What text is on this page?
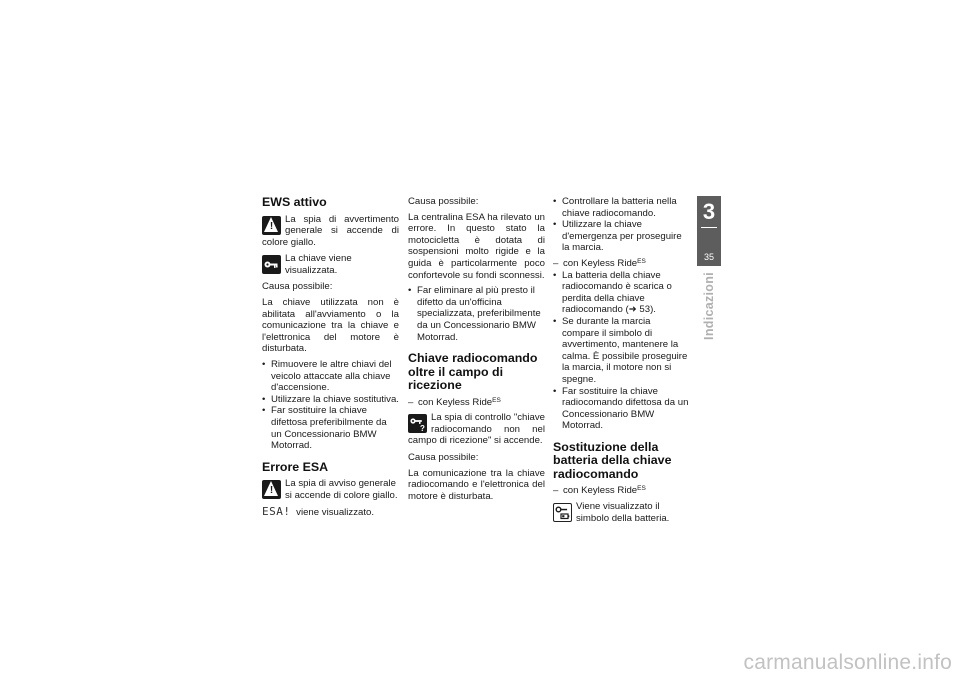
EWS attivo

!
La spia di avvertimento generale si accende di colore giallo.

La chiave viene visualizzata.

Causa possibile:

La chiave utilizzata non è abilitata all'avviamento o la comunicazione tra la chiave e l'elettronica del motore è disturbata.

• Rimuovere le altre chiavi del veicolo attaccate alla chiave d'accensione.
• Utilizzare la chiave sostitutiva.
• Far sostituire la chiave difettosa preferibilmente da un Concessionario BMW Motorrad.
Errore ESA

!
La spia di avviso generale si accende di colore giallo.

ESA! viene visualizzato.

Causa possibile:

La centralina ESA ha rilevato un errore. In questo stato la motocicletta è dotata di sospensioni molto rigide e la guida è particolarmente poco confortevole su fondi sconnessi.

• Far eliminare al più presto il difetto da un'officina specializzata, preferibilmente da un Concessionario BMW Motorrad.
Chiave radiocomando oltre il campo di ricezione

– con Keyless Ride$^{ES}$

?
La spia di controllo "chiave radiocomando non nel campo di ricezione" si accende.

Causa possibile:

La comunicazione tra la chiave radiocomando e l'elettronica del motore è disturbata.

• Controllare la batteria nella chiave radiocomando.
• Utilizzare la chiave d'emergenza per proseguire la marcia.

– con Keyless Ride$^{ES}$

• La batteria della chiave radiocomando è scarica o perdita della chiave radiocomando (➜ 53).
• Se durante la marcia compare il simbolo di avvertimento, mantenere la calma. È possibile proseguire la marcia, il motore non si spegne.
• Far sostituire la chiave radiocomando difettosa da un Concessionario BMW Motorrad.
Sostituzione della batteria della chiave radiocomando

– con Keyless Ride$^{ES}$

Viene visualizzato il simbolo della batteria.

3
35
Indicazioni
carmanualsonline.info
